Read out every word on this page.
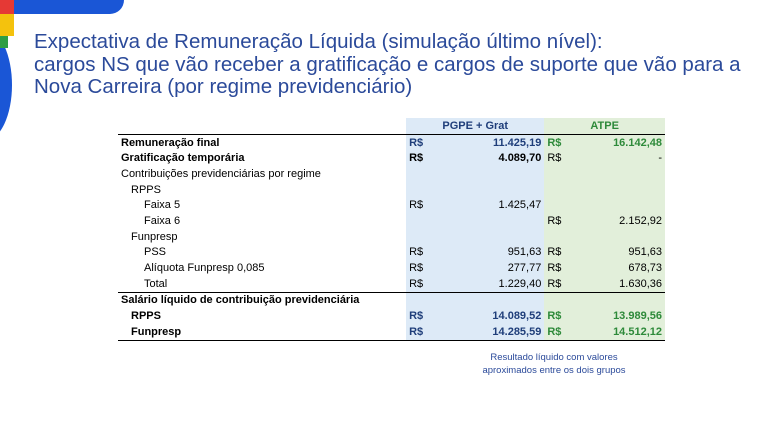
Expectativa de Remuneração Líquida (simulação último nível):
cargos NS que vão receber a gratificação e cargos de suporte que vão para a
Nova Carreira (por regime previdenciário)
	PGPE + Grat		ATPE	
Remuneração final	R$	11.425,19	R$	16.142,48
Gratificação temporária	R$	4.089,70	R$	-
Contribuições previdenciárias por regime				
RPPS				
Faixa 5	R$	1.425,47		
Faixa 6			R$	2.152,92
Funpresp				
PSS	R$	951,63	R$	951,63
Alíquota Funpresp 0,085	R$	277,77	R$	678,73
Total	R$	1.229,40	R$	1.630,36
Salário líquido de contribuição previdenciária				
RPPS	R$	14.089,52	R$	13.989,56
Funpresp	R$	14.285,59	R$	14.512,12
Resultado líquido com valores
aproximados entre os dois grupos
